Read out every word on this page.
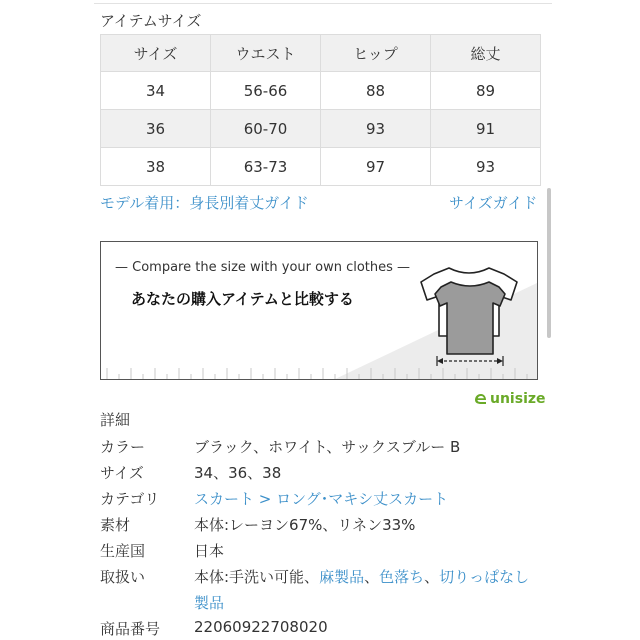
アイテムサイズ
サイズ	ウエスト	ヒップ	総丈
34	56-66	88	89
36	60-70	93	91
38	63-73	97	93
モデル着用：身長別着丈ガイド	サイズガイド
— Compare the size with your own clothes —
あなたの購入アイテムと比較する
unisize
詳細
カラー	ブラック、ホワイト、サックスブルー B
サイズ	34、36、38
カテゴリ スカート > ロング･マキシ丈スカート
素材	本体:レーヨン67%、リネン33%
生産国	日本
取扱い	本体:手洗い可能、麻製品、色落ち、切りっぱなし
製品
商品番号 22060922708020
